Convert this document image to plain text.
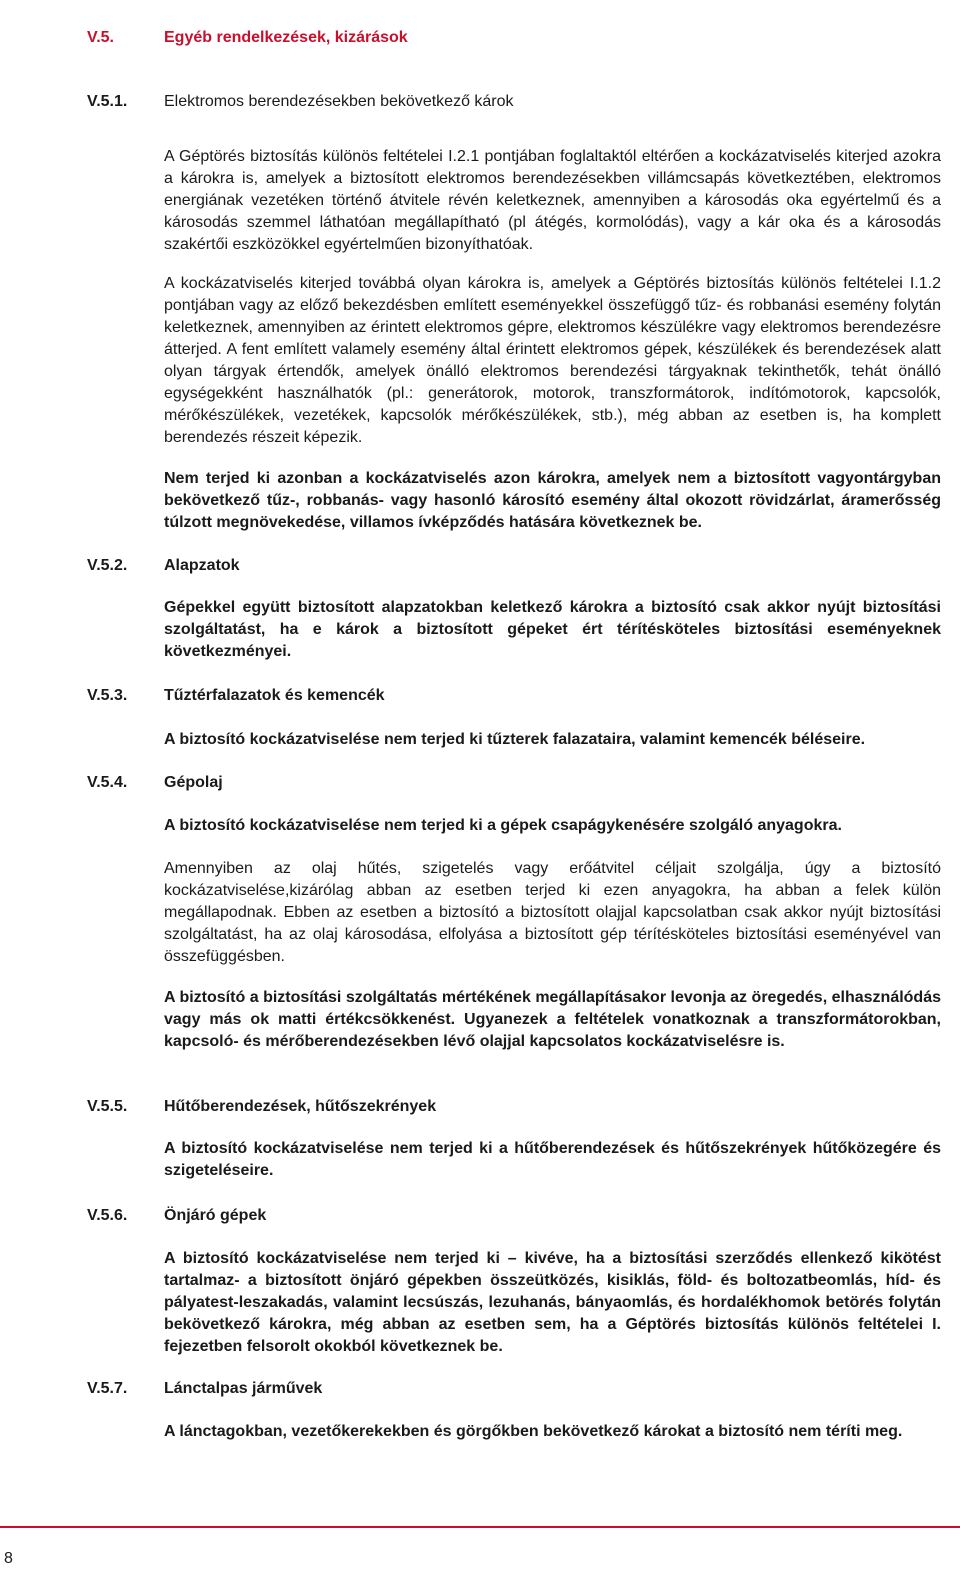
V.5.	Egyéb rendelkezések, kizárások
V.5.1. Elektromos berendezésekben bekövetkező károk
A Géptörés biztosítás különös feltételei I.2.1 pontjában foglaltaktól eltérően a kockázatviselés kiterjed azokra a károkra is, amelyek a biztosított elektromos berendezésekben villámcsapás következtében, elektromos energiának vezetéken történő átvitele révén keletkeznek, amennyiben a károsodás oka egyértelmű és a károsodás szemmel láthatóan megállapítható (pl átégés, kormolódás), vagy a kár oka és a károsodás szakértői eszközökkel egyértelműen bizonyíthatóak.
A kockázatviselés kiterjed továbbá olyan károkra is, amelyek a Géptörés biztosítás különös feltételei I.1.2 pontjában vagy az előző bekezdésben említett eseményekkel összefüggő tűz- és robbanási esemény folytán keletkeznek, amennyiben az érintett elektromos gépre, elektromos készülékre vagy elektromos berendezésre átterjed. A fent említett valamely esemény által érintett elektromos gépek, készülékek és berendezések alatt olyan tárgyak értendők, amelyek önálló elektromos berendezési tárgyaknak tekinthetők, tehát önálló egységekként használhatók (pl.: generátorok, motorok, transzformátorok, indítómotorok, kapcsolók, mérőkészülékek, vezetékek, kapcsolók mérőkészülékek, stb.), még abban az esetben is, ha komplett berendezés részeit képezik.
Nem terjed ki azonban a kockázatviselés azon károkra, amelyek nem a biztosított vagyontárgyban bekövetkező tűz-, robbanás- vagy hasonló károsító esemény által okozott rövidzárlat, áramerősség túlzott megnövekedése, villamos ívképződés hatására következnek be.
V.5.2. Alapzatok
Gépekkel együtt biztosított alapzatokban keletkező károkra a biztosító csak akkor nyújt biztosítási szolgáltatást, ha e károk a biztosított gépeket ért térítésköteles biztosítási eseményeknek következményei.
V.5.3. Tűztérfalazatok és kemencék
A biztosító kockázatviselése nem terjed ki tűzterek falazataira, valamint kemencék béléseire.
V.5.4. Gépolaj
A biztosító kockázatviselése nem terjed ki a gépek csapágykenésére szolgáló anyagokra.
Amennyiben az olaj hűtés, szigetelés vagy erőátvitel céljait szolgálja, úgy a biztosító kockázatviselése,kizárólag abban az esetben terjed ki ezen anyagokra, ha abban a felek külön megállapodnak. Ebben az esetben a biztosító a biztosított olajjal kapcsolatban csak akkor nyújt biztosítási szolgáltatást, ha az olaj károsodása, elfolyása a biztosított gép térítésköteles biztosítási eseményével van összefüggésben.
A biztosító a biztosítási szolgáltatás mértékének megállapításakor levonja az öregedés, elhasználódás vagy más ok matti értékcsökkenést. Ugyanezek a feltételek vonatkoznak a transzformátorokban, kapcsoló- és mérőberendezésekben lévő olajjal kapcsolatos kockázatviselésre is.
V.5.5. Hűtőberendezések, hűtőszekrények
A biztosító kockázatviselése nem terjed ki a hűtőberendezések és hűtőszekrények hűtőközegére és szigeteléseire.
V.5.6. Önjáró gépek
A biztosító kockázatviselése nem terjed ki – kivéve, ha a biztosítási szerződés ellenkező kikötést tartalmaz- a biztosított önjáró gépekben összeütközés, kisiklás, föld- és boltozatbeomlás, híd- és pályatest-leszakadás, valamint lecsúszás, lezuhanás, bányaomlás, és hordalékhomok betörés folytán bekövetkező károkra, még abban az esetben sem, ha a Géptörés biztosítás különös feltételei I. fejezetben felsorolt okokból következnek be.
V.5.7. Lánctalpas járművek
A lánctagokban, vezetőkerekekben és görgőkben bekövetkező károkat a biztosító nem téríti meg.
8
